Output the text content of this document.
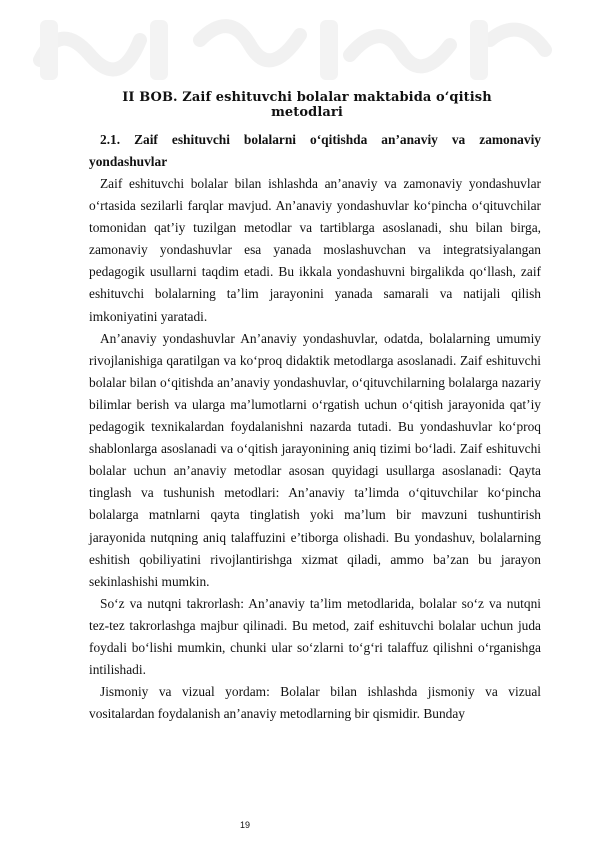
II BOB. Zaif eshituvchi bolalar maktabida o‘qitish metodlari
2.1. Zaif eshituvchi bolalarni o‘qitishda an’anaviy va zamonaviy yondashuvlar

Zaif eshituvchi bolalar bilan ishlashda an’anaviy va zamonaviy yondashuvlar o‘rtasida sezilarli farqlar mavjud. An’anaviy yondashuvlar ko‘pincha o‘qituvchilar tomonidan qat’iy tuzilgan metodlar va tartiblarga asoslanadi, shu bilan birga, zamonaviy yondashuvlar esa yanada moslashuvchan va integratsiyalangan pedagogik usullarni taqdim etadi. Bu ikkala yondashuvni birgalikda qo‘llash, zaif eshituvchi bolalarning ta’lim jarayonini yanada samarali va natijali qilish imkoniyatini yaratadi.

An’anaviy yondashuvlar An’anaviy yondashuvlar, odatda, bolalarning umumiy rivojlanishiga qaratilgan va ko‘proq didaktik metodlarga asoslanadi. Zaif eshituvchi bolalar bilan o‘qitishda an’anaviy yondashuvlar, o‘qituvchilarning bolalarga nazariy bilimlar berish va ularga ma’lumotlarni o‘rgatish uchun o‘qitish jarayonida qat’iy pedagogik texnikalardan foydalanishni nazarda tutadi. Bu yondashuvlar ko‘proq shablonlarga asoslanadi va o‘qitish jarayonining aniq tizimi bo‘ladi. Zaif eshituvchi bolalar uchun an’anaviy metodlar asosan quyidagi usullarga asoslanadi: Qayta tinglash va tushunish metodlari: An’anaviy ta’limda o‘qituvchilar ko‘pincha bolalarga matnlarni qayta tinglatish yoki ma’lum bir mavzuni tushuntirish jarayonida nutqning aniq talaffuzini e’tiborga olishadi. Bu yondashuv, bolalarning eshitish qobiliyatini rivojlantirishga xizmat qiladi, ammo ba’zan bu jarayon sekinlashishi mumkin.

So‘z va nutqni takrorlash: An’anaviy ta’lim metodlarida, bolalar so‘z va nutqni tez-tez takrorlashga majbur qilinadi. Bu metod, zaif eshituvchi bolalar uchun juda foydali bo‘lishi mumkin, chunki ular so‘zlarni to‘g‘ri talaffuz qilishni o‘rganishga intilishadi.

Jismoniy va vizual yordam: Bolalar bilan ishlashda jismoniy va vizual vositalardan foydalanish an’anaviy metodlarning bir qismidir. Bunday

19
